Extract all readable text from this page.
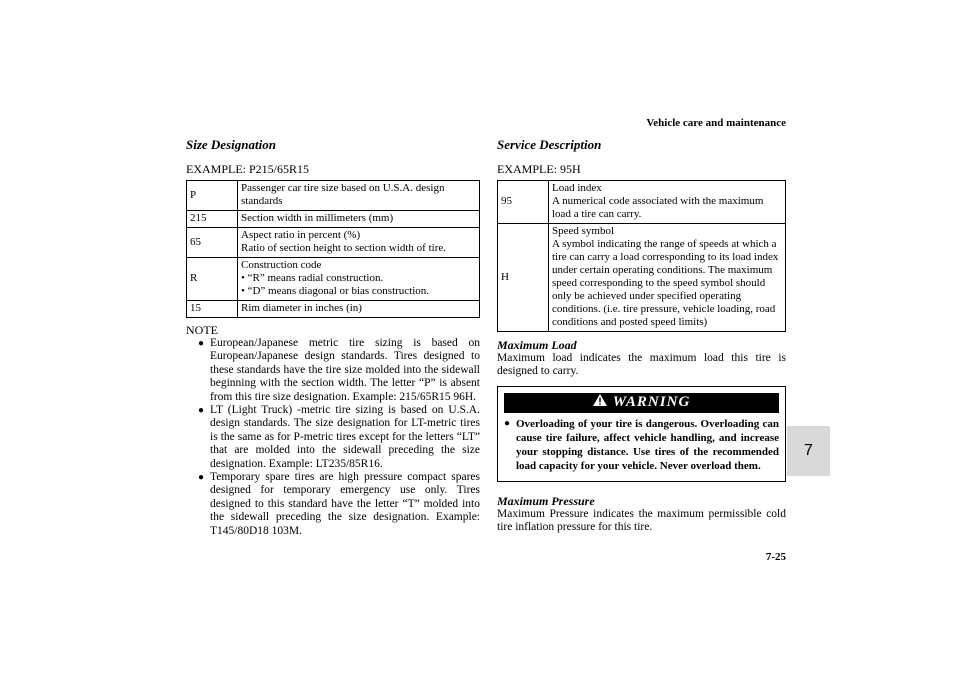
Vehicle care and maintenance
7-25
7
Size Designation
EXAMPLE: P215/65R15
P	Passenger car tire size based on U.S.A. design standards

215	Section width in millimeters (mm)

65	Aspect ratio in percent (%)
Ratio of section height to section width of tire.

R	Construction code
• “R” means radial construction.
• “D” means diagonal or bias construction.

15	Rim diameter in inches (in)
NOTE
● European/Japanese metric tire sizing is based on European/Japanese design standards. Tires designed to these standards have the tire size molded into the sidewall beginning with the section width. The letter “P” is absent from this tire size designation. Example: 215/65R15 96H.
● LT (Light Truck) -metric tire sizing is based on U.S.A. design standards. The size designation for LT-metric tires is the same as for P-metric tires except for the letters “LT” that are molded into the sidewall preceding the size designation. Example: LT235/85R16.
● Temporary spare tires are high pressure compact spares designed for temporary emergency use only. Tires designed to this standard have the letter “T” molded into the sidewall preceding the size designation. Example: T145/80D18 103M.
Service Description
EXAMPLE: 95H
95	Load index
A numerical code associated with the maximum load a tire can carry.

H	Speed symbol
A symbol indicating the range of speeds at which a tire can carry a load corresponding to its load index under certain operating conditions. The maximum speed corresponding to the speed symbol should only be achieved under specified operating conditions. (i.e. tire pressure, vehicle loading, road conditions and posted speed limits)
Maximum Load
Maximum load indicates the maximum load this tire is designed to carry.
WARNING
● Overloading of your tire is dangerous. Overloading can cause tire failure, affect vehicle handling, and increase your stopping distance. Use tires of the recommended load capacity for your vehicle. Never overload them.
Maximum Pressure
Maximum Pressure indicates the maximum permissible cold tire inflation pressure for this tire.
